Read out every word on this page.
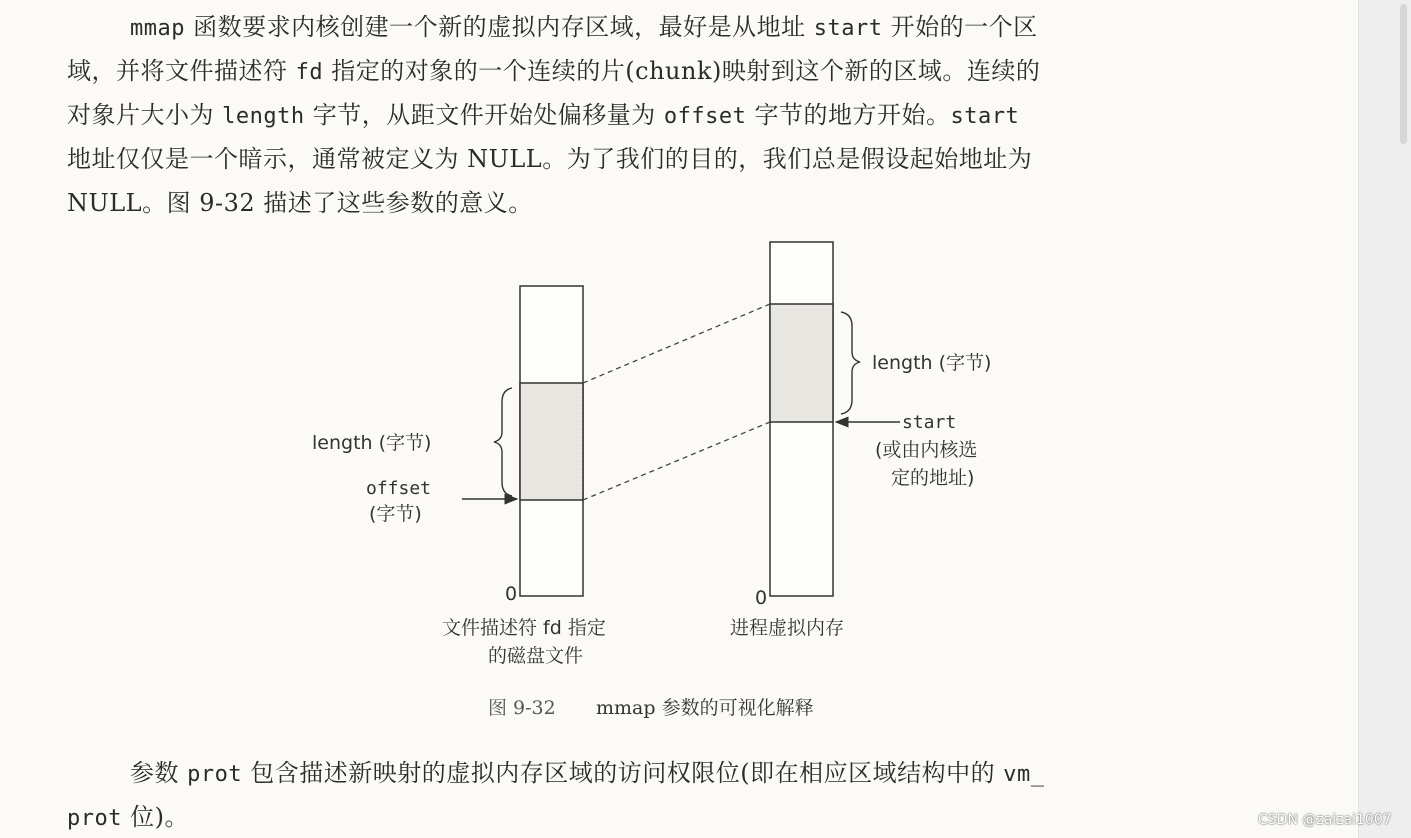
mmap 函数要求内核创建一个新的虚拟内存区域，最好是从地址 start 开始的一个区
域，并将文件描述符 fd 指定的对象的一个连续的片(chunk)映射到这个新的区域。连续的
对象片大小为 length 字节，从距文件开始处偏移量为 offset 字节的地方开始。start
地址仅仅是一个暗示，通常被定义为 NULL。为了我们的目的，我们总是假设起始地址为
NULL。图 9-32 描述了这些参数的意义。
length (字节)
offset
(字节)
0
文件描述符 fd 指定
的磁盘文件
length (字节)
start
(或由内核选
定的地址)
0
进程虚拟内存
图 9-32 mmap 参数的可视化解释
参数 prot 包含描述新映射的虚拟内存区域的访问权限位(即在相应区域结构中的 vm_
prot 位)。	CSDN @zaizai1007
